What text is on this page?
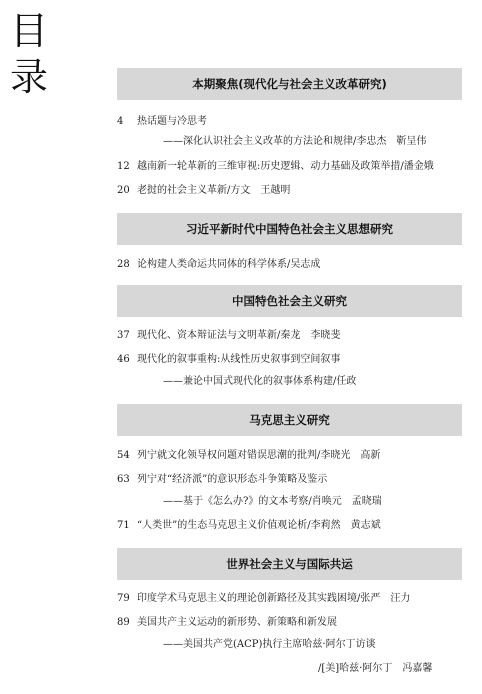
目
录	本期聚焦(现代化与社会主义改革研究)
4 热话题与冷思考
——深化认识社会主义改革的方法论和规律/李忠杰　靳呈伟
12 越南新一轮革新的三维审视:历史逻辑、动力基础及政策举措/潘金娥
20 老挝的社会主义革新/方文　王越明
习近平新时代中国特色社会主义思想研究
28 论构建人类命运共同体的科学体系/吴志成
中国特色社会主义研究
37 现代化、资本辩证法与文明革新/秦龙　李晓斐
46 现代化的叙事重构:从线性历史叙事到空间叙事
——兼论中国式现代化的叙事体系构建/任政
马克思主义研究
54 列宁就文化领导权问题对错误思潮的批判/李晓光　高新
63 列宁对“经济派”的意识形态斗争策略及鉴示
——基于《怎么办?》的文本考察/肖唤元　孟晓瑞
71 “人类世”的生态马克思主义价值观论析/李莉然　黄志斌
世界社会主义与国际共运
79 印度学术马克思主义的理论创新路径及其实践困境/张严　汪力
89 美国共产主义运动的新形势、新策略和新发展
——美国共产党(ACP)执行主席哈兹·阿尔丁访谈
/[美]哈兹·阿尔丁　冯嘉馨
